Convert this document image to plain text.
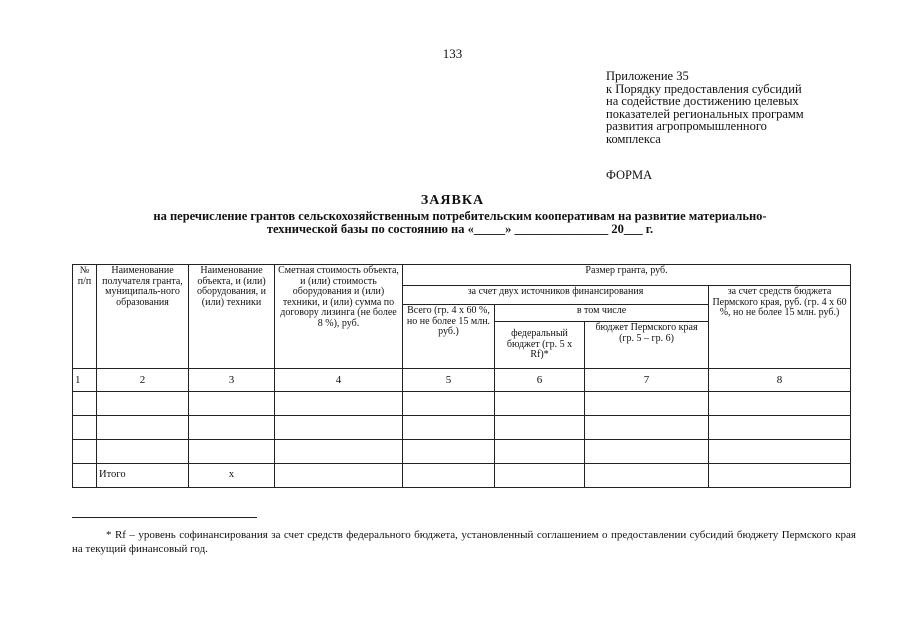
133
Приложение 35
к Порядку предоставления субсидий
на содействие достижению целевых
показателей региональных программ
развития агропромышленного
комплекса
ФОРМА
ЗАЯВКА
на перечисление грантов сельскохозяйственным потребительским кооперативам на развитие материально-
технической базы по состоянию на «_____» _______________ 20___ г.
№ п/п	Наименование получателя гранта, муниципаль-ного образования	Наименование объекта, и (или) оборудования, и (или) техники	Сметная стоимость объекта, и (или) стоимость оборудования и (или) техники, и (или) сумма по договору лизинга (не более 8 %), руб.	Размер гранта, руб.			
				за счет двух источников финансирования			за счет средств бюджета Пермского края, руб. (гр. 4 х 60 %, но не более 15 млн. руб.)
				Всего (гр. 4 х 60 %, но не более 15 млн. руб.)	в том числе		
					федеральный бюджет (гр. 5 х Rf)*	бюджет Пермского края (гр. 5 – гр. 6)	
1	2	3	4	5	6	7	8

	Итого	х					
* Rf – уровень софинансирования за счет средств федерального бюджета, установленный соглашением о предоставлении субсидий бюджету Пермского края на текущий финансовый год.
